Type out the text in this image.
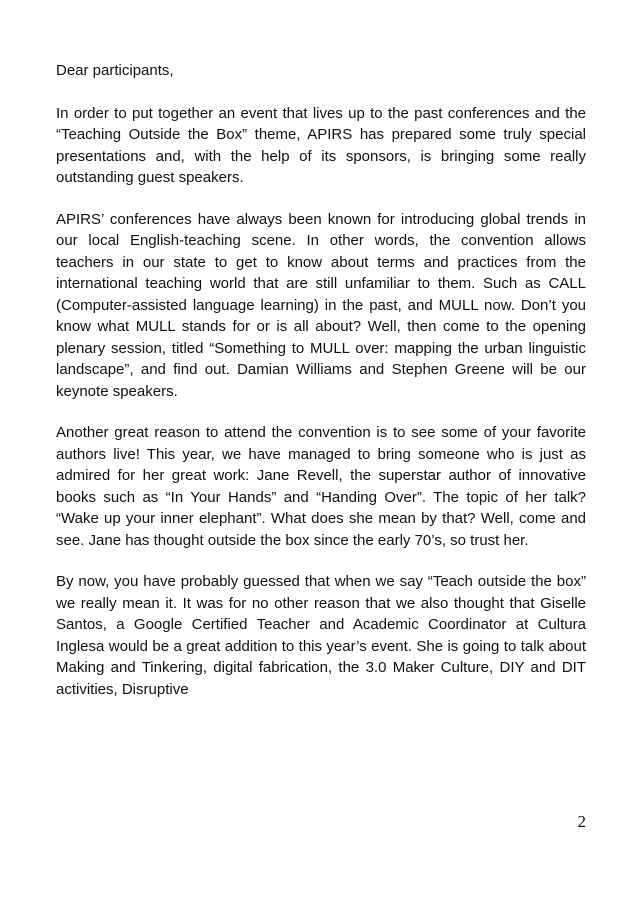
Dear participants,

In order to put together an event that lives up to the past conferences and the “Teaching Outside the Box” theme, APIRS has prepared some truly special presentations and, with the help of its sponsors, is bringing some really outstanding guest speakers.

APIRS’ conferences have always been known for introducing global trends in our local English-teaching scene. In other words, the convention allows teachers in our state to get to know about terms and practices from the international teaching world that are still unfamiliar to them. Such as CALL (Computer-assisted language learning) in the past, and MULL now. Don’t you know what MULL stands for or is all about? Well, then come to the opening plenary session, titled “Something to MULL over: mapping the urban linguistic landscape”, and find out. Damian Williams and Stephen Greene will be our keynote speakers.

Another great reason to attend the convention is to see some of your favorite authors live! This year, we have managed to bring someone who is just as admired for her great work: Jane Revell, the superstar author of innovative books such as “In Your Hands” and “Handing Over”. The topic of her talk? “Wake up your inner elephant”. What does she mean by that? Well, come and see. Jane has thought outside the box since the early 70’s, so trust her.

By now, you have probably guessed that when we say “Teach outside the box” we really mean it. It was for no other reason that we also thought that Giselle Santos, a Google Certified Teacher and Academic Coordinator at Cultura Inglesa would be a great addition to this year’s event. She is going to talk about Making and Tinkering, digital fabrication, the 3.0 Maker Culture, DIY and DIT activities, Disruptive

2
